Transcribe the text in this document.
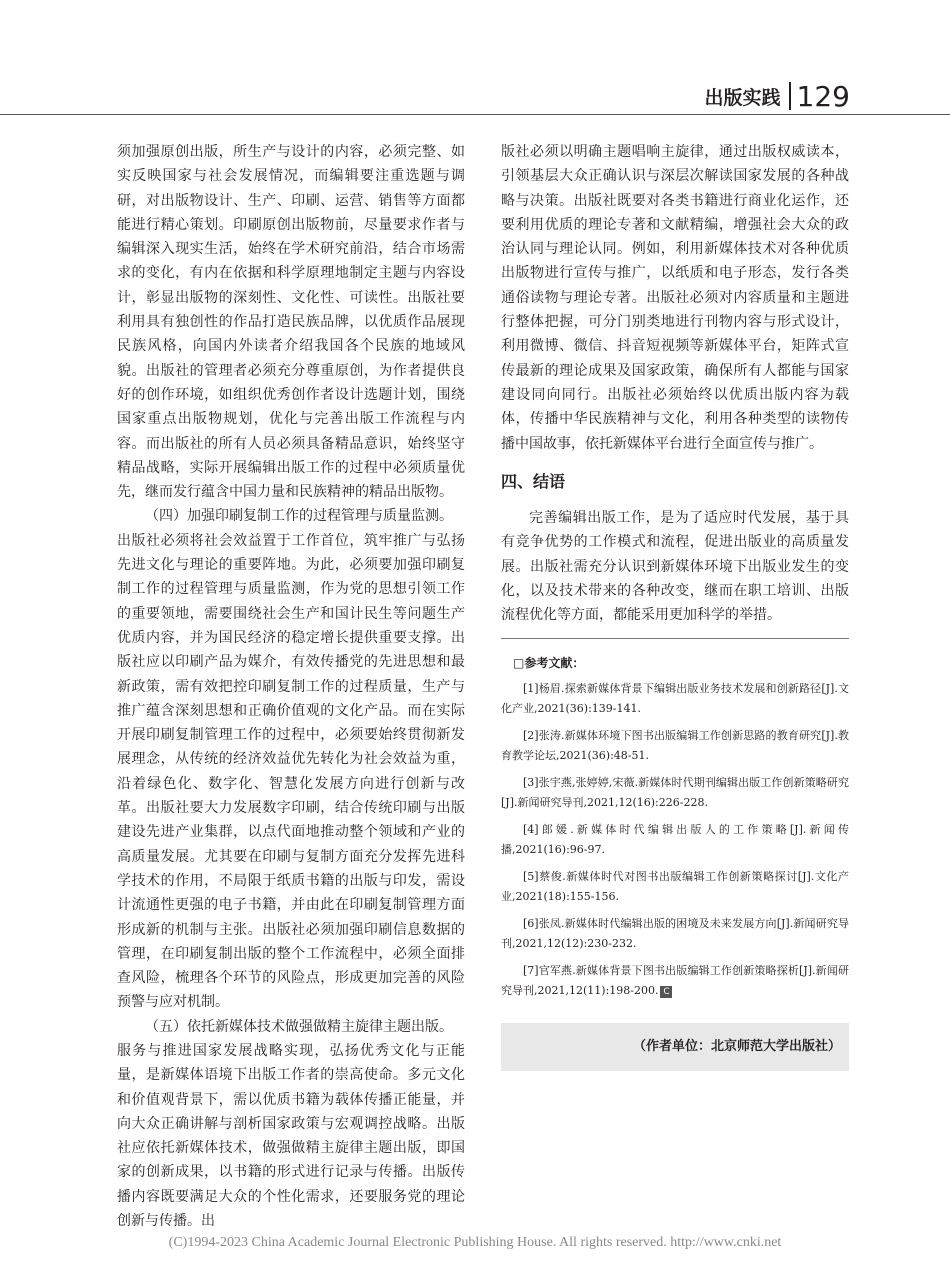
出版实践 129

须加强原创出版，所生产与设计的内容，必须完整、如实反映国家与社会发展情况，而编辑要注重选题与调研，对出版物设计、生产、印刷、运营、销售等方面都能进行精心策划。印刷原创出版物前，尽量要求作者与编辑深入现实生活，始终在学术研究前沿，结合市场需求的变化，有内在依据和科学原理地制定主题与内容设计，彰显出版物的深刻性、文化性、可读性。出版社要利用具有独创性的作品打造民族品牌，以优质作品展现民族风格，向国内外读者介绍我国各个民族的地域风貌。出版社的管理者必须充分尊重原创，为作者提供良好的创作环境，如组织优秀创作者设计选题计划，围绕国家重点出版物规划，优化与完善出版工作流程与内容。而出版社的所有人员必须具备精品意识，始终坚守精品战略，实际开展编辑出版工作的过程中必须质量优先，继而发行蕴含中国力量和民族精神的精品出版物。

（四）加强印刷复制工作的过程管理与质量监测。

出版社必须将社会效益置于工作首位，筑牢推广与弘扬先进文化与理论的重要阵地。为此，必须要加强印刷复制工作的过程管理与质量监测，作为党的思想引领工作的重要领地，需要围绕社会生产和国计民生等问题生产优质内容，并为国民经济的稳定增长提供重要支撑。出版社应以印刷产品为媒介，有效传播党的先进思想和最新政策，需有效把控印刷复制工作的过程质量，生产与推广蕴含深刻思想和正确价值观的文化产品。而在实际开展印刷复制管理工作的过程中，必须要始终贯彻新发展理念，从传统的经济效益优先转化为社会效益为重，沿着绿色化、数字化、智慧化发展方向进行创新与改革。出版社要大力发展数字印刷，结合传统印刷与出版建设先进产业集群，以点代面地推动整个领域和产业的高质量发展。尤其要在印刷与复制方面充分发挥先进科学技术的作用，不局限于纸质书籍的出版与印发，需设计流通性更强的电子书籍，并由此在印刷复制管理方面形成新的机制与主张。出版社必须加强印刷信息数据的管理，在印刷复制出版的整个工作流程中，必须全面排查风险，梳理各个环节的风险点，形成更加完善的风险预警与应对机制。

（五）依托新媒体技术做强做精主旋律主题出版。

服务与推进国家发展战略实现，弘扬优秀文化与正能量，是新媒体语境下出版工作者的崇高使命。多元文化和价值观背景下，需以优质书籍为载体传播正能量，并向大众正确讲解与剖析国家政策与宏观调控战略。出版社应依托新媒体技术，做强做精主旋律主题出版，即国家的创新成果，以书籍的形式进行记录与传播。出版传播内容既要满足大众的个性化需求，还要服务党的理论创新与传播。出

版社必须以明确主题唱响主旋律，通过出版权威读本，引领基层大众正确认识与深层次解读国家发展的各种战略与决策。出版社既要对各类书籍进行商业化运作，还要利用优质的理论专著和文献精编，增强社会大众的政治认同与理论认同。例如，利用新媒体技术对各种优质出版物进行宣传与推广，以纸质和电子形态，发行各类通俗读物与理论专著。出版社必须对内容质量和主题进行整体把握，可分门别类地进行刊物内容与形式设计，利用微博、微信、抖音短视频等新媒体平台，矩阵式宣传最新的理论成果及国家政策，确保所有人都能与国家建设同向同行。出版社必须始终以优质出版内容为载体，传播中华民族精神与文化，利用各种类型的读物传播中国故事，依托新媒体平台进行全面宣传与推广。

四、结语

完善编辑出版工作，是为了适应时代发展，基于具有竞争优势的工作模式和流程，促进出版业的高质量发展。出版社需充分认识到新媒体环境下出版业发生的变化，以及技术带来的各种改变，继而在职工培训、出版流程优化等方面，都能采用更加科学的举措。

□参考文献：
[1]杨眉.探索新媒体背景下编辑出版业务技术发展和创新路径[J].文化产业,2021(36):139-141.
[2]张涛.新媒体环境下图书出版编辑工作创新思路的教育研究[J].教育教学论坛,2021(36):48-51.
[3]张宇燕,张婷婷,宋薇.新媒体时代期刊编辑出版工作创新策略研究[J].新闻研究导刊,2021,12(16):226-228.
[4]郎媛.新媒体时代编辑出版人的工作策略[J].新闻传播,2021(16):96-97.
[5]蔡俊.新媒体时代对图书出版编辑工作创新策略探讨[J].文化产业,2021(18):155-156.
[6]张凤.新媒体时代编辑出版的困境及未来发展方向[J].新闻研究导刊,2021,12(12):230-232.
[7]官军燕.新媒体背景下图书出版编辑工作创新策略探析[J].新闻研究导刊,2021,12(11):198-200. C
（作者单位：北京师范大学出版社）
(C)1994-2023 China Academic Journal Electronic Publishing House. All rights reserved. http://www.cnki.net
